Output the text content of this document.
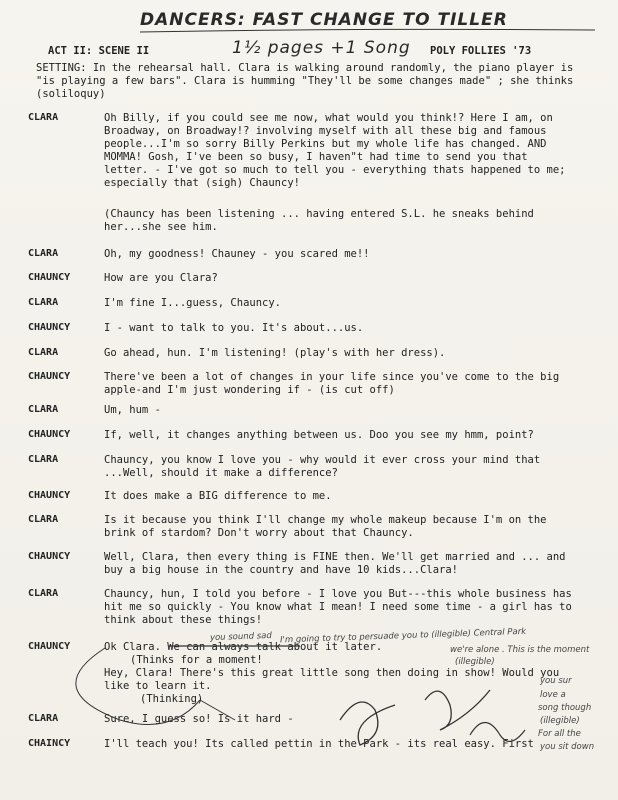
DANCERS: FAST CHANGE TO TILLER
1½ pages +1 Song
ACT II: SCENE II	POLY FOLLIES '73
SETTING: In the rehearsal hall. Clara is walking around randomly, the piano player is "is playing a few bars". Clara is humming "They'll be some changes made" ; she thinks (soliloquy)
CLARA	Oh Billy, if you could see me now, what would you think!? Here I am, on Broadway, on Broadway!? involving myself with all these big and famous people...I'm so sorry Billy Perkins but my whole life has changed. AND MOMMA! Gosh, I've been so busy, I haven"t had time to send you that letter. - I've got so much to tell you - everything thats happened to me; especially that (sigh) Chauncy!
(Chauncy has been listening ... having entered S.L. he sneaks behind her...she see him.
CLARA	Oh, my goodness! Chauney - you scared me!!
CHAUNCY	How are you Clara?
CLARA	I'm fine I...guess, Chauncy.
CHAUNCY	I - want to talk to you. It's about...us.
CLARA	Go ahead, hun. I'm listening! (play's with her dress).
CHAUNCY	There've been a lot of changes in your life since you've come to the big apple-and I'm just wondering if - (is cut off)
CLARA	Um, hum -
CHAUNCY	If, well, it changes anything between us. Doo you see my hmm, point?
CLARA	Chauncy, you know I love you - why would it ever cross your mind that ...Well, should it make a difference?
CHAUNCY	It does make a BIG difference to me.
CLARA	Is it because you think I'll change my whole makeup because I'm on the brink of stardom? Don't worry about that Chauncy.
CHAUNCY	Well, Clara, then every thing is FINE then. We'll get married and ... and buy a big house in the country and have 10 kids...Clara!
CLARA	Chauncy, hun, I told you before - I love you But---this whole business has hit me so quickly - You know what I mean! I need some time - a girl has to think about these things!
CHAUNCY	Ok Clara. We can always talk about it later.
(Thinks for a moment!
Hey, Clara! There's this great little song then doing in show! Would you like to learn it.
(Thinking)
CLARA	Sure, I guess so! Is it hard -
CHAINCY	I'll teach you! Its called pettin in the Park - its real easy. First
you sound sad I'm going to try to persuade you to (illegible) Central Park
we're alone . This is the moment
(illegible)
you sur
love a
song though
(illegible)
For all the
you sit down
